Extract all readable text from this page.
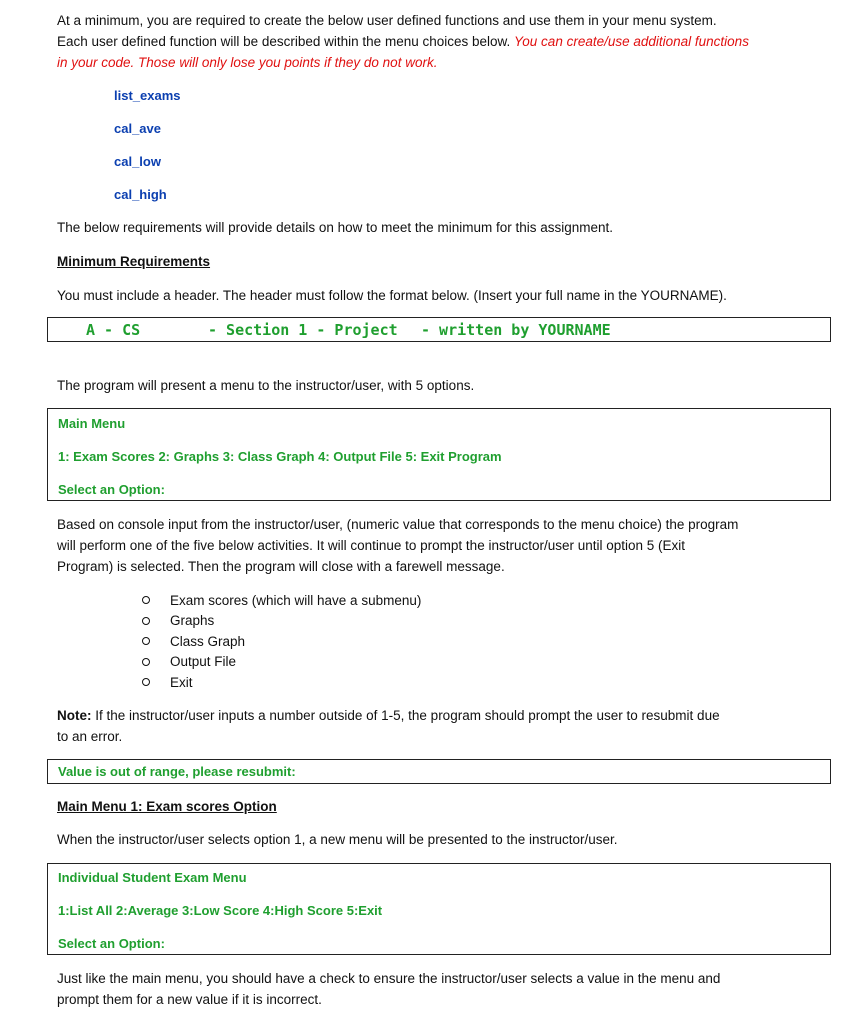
At a minimum, you are required to create the below user defined functions and use them in your menu system.
Each user defined function will be described within the menu choices below. You can create/use additional functions
in your code. Those will only lose you points if they do not work.
list_exams
cal_ave
cal_low
cal_high
The below requirements will provide details on how to meet the minimum for this assignment.
Minimum Requirements
You must include a header. The header must follow the format below. (Insert your full name in the YOURNAME).
A - CS	- Section 1 - Project - written by YOURNAME
The program will present a menu to the instructor/user, with 5 options.
Main Menu
1: Exam Scores 2: Graphs 3: Class Graph 4: Output File 5: Exit Program
Select an Option:
Based on console input from the instructor/user, (numeric value that corresponds to the menu choice) the program
will perform one of the five below activities. It will continue to prompt the instructor/user until option 5 (Exit
Program) is selected. Then the program will close with a farewell message.
Exam scores (which will have a submenu)
Graphs
Class Graph
Output File
Exit
Note: If the instructor/user inputs a number outside of 1-5, the program should prompt the user to resubmit due
to an error.
Value is out of range, please resubmit:
Main Menu 1: Exam scores Option
When the instructor/user selects option 1, a new menu will be presented to the instructor/user.
Individual Student Exam Menu
1:List All 2:Average 3:Low Score 4:High Score 5:Exit
Select an Option:
Just like the main menu, you should have a check to ensure the instructor/user selects a value in the menu and
prompt them for a new value if it is incorrect.
